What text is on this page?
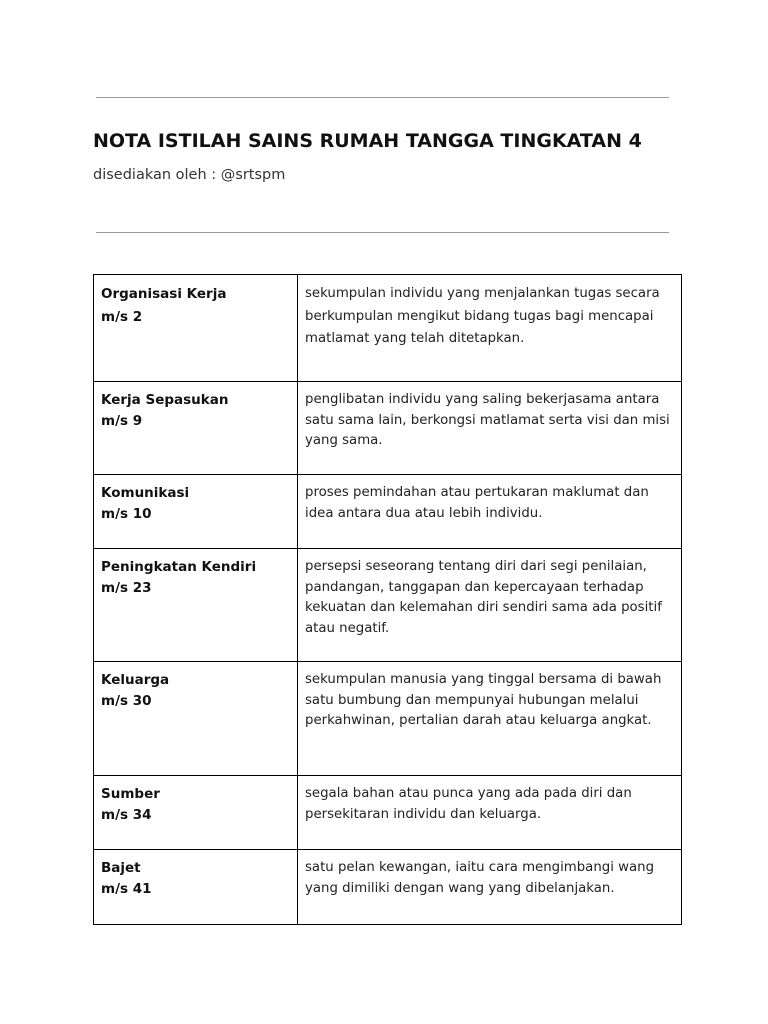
NOTA ISTILAH SAINS RUMAH TANGGA TINGKATAN 4

disediakan oleh : @srtspm

Organisasi Kerja
m/s 2	sekumpulan individu yang menjalankan tugas secara berkumpulan mengikut bidang tugas bagi mencapai matlamat yang telah ditetapkan.

Kerja Sepasukan
m/s 9	penglibatan individu yang saling bekerjasama antara satu sama lain, berkongsi matlamat serta visi dan misi yang sama.

Komunikasi
m/s 10	proses pemindahan atau pertukaran maklumat dan idea antara dua atau lebih individu.

Peningkatan Kendiri
m/s 23	persepsi seseorang tentang diri dari segi penilaian, pandangan, tanggapan dan kepercayaan terhadap kekuatan dan kelemahan diri sendiri sama ada positif atau negatif.

Keluarga
m/s 30	sekumpulan manusia yang tinggal bersama di bawah satu bumbung dan mempunyai hubungan melalui perkahwinan, pertalian darah atau keluarga angkat.

Sumber
m/s 34	segala bahan atau punca yang ada pada diri dan persekitaran individu dan keluarga.

Bajet
m/s 41	satu pelan kewangan, iaitu cara mengimbangi wang yang dimiliki dengan wang yang dibelanjakan.
